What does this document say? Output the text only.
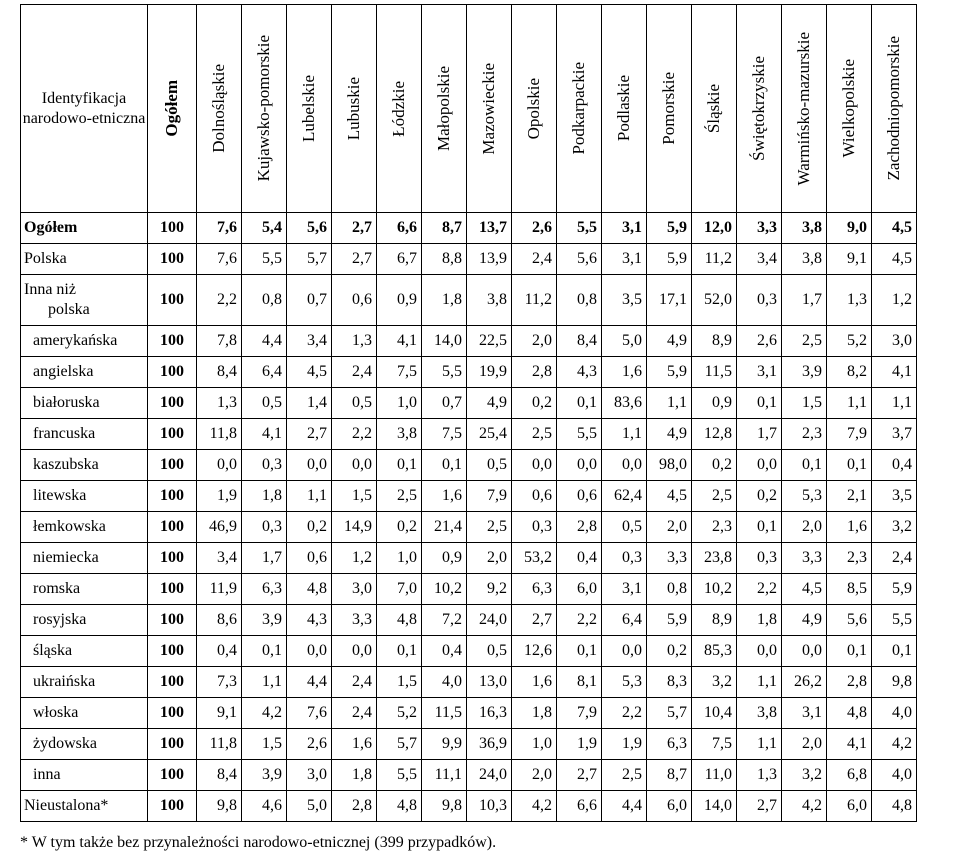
Identyfikacja narodowo-etniczna	Ogółem	Dolnośląskie	Kujawsko-pomorskie	Lubelskie	Lubuskie	Łódzkie	Małopolskie	Mazowieckie	Opolskie	Podkarpackie	Podlaskie	Pomorskie	Śląskie	Świętokrzyskie	Warmińsko-mazurskie	Wielkopolskie	Zachodniopomorskie

Ogółem	100	7,6	5,4	5,6	2,7	6,6	8,7	13,7	2,6	5,5	3,1	5,9	12,0	3,3	3,8	9,0	4,5
Polska	100	7,6	5,5	5,7	2,7	6,7	8,8	13,9	2,4	5,6	3,1	5,9	11,2	3,4	3,8	9,1	4,5

Inna niż
polska	100	2,2	0,8	0,7	0,6	0,9	1,8	3,8	11,2	0,8	3,5	17,1	52,0	0,3	1,7	1,3	1,2
amerykańska	100	7,8	4,4	3,4	1,3	4,1	14,0	22,5	2,0	8,4	5,0	4,9	8,9	2,6	2,5	5,2	3,0
angielska	100	8,4	6,4	4,5	2,4	7,5	5,5	19,9	2,8	4,3	1,6	5,9	11,5	3,1	3,9	8,2	4,1
białoruska	100	1,3	0,5	1,4	0,5	1,0	0,7	4,9	0,2	0,1	83,6	1,1	0,9	0,1	1,5	1,1	1,1
francuska	100	11,8	4,1	2,7	2,2	3,8	7,5	25,4	2,5	5,5	1,1	4,9	12,8	1,7	2,3	7,9	3,7
kaszubska	100	0,0	0,3	0,0	0,0	0,1	0,1	0,5	0,0	0,0	0,0	98,0	0,2	0,0	0,1	0,1	0,4
litewska	100	1,9	1,8	1,1	1,5	2,5	1,6	7,9	0,6	0,6	62,4	4,5	2,5	0,2	5,3	2,1	3,5
łemkowska	100	46,9	0,3	0,2	14,9	0,2	21,4	2,5	0,3	2,8	0,5	2,0	2,3	0,1	2,0	1,6	3,2
niemiecka	100	3,4	1,7	0,6	1,2	1,0	0,9	2,0	53,2	0,4	0,3	3,3	23,8	0,3	3,3	2,3	2,4
romska	100	11,9	6,3	4,8	3,0	7,0	10,2	9,2	6,3	6,0	3,1	0,8	10,2	2,2	4,5	8,5	5,9
rosyjska	100	8,6	3,9	4,3	3,3	4,8	7,2	24,0	2,7	2,2	6,4	5,9	8,9	1,8	4,9	5,6	5,5
śląska	100	0,4	0,1	0,0	0,0	0,1	0,4	0,5	12,6	0,1	0,0	0,2	85,3	0,0	0,0	0,1	0,1
ukraińska	100	7,3	1,1	4,4	2,4	1,5	4,0	13,0	1,6	8,1	5,3	8,3	3,2	1,1	26,2	2,8	9,8
włoska	100	9,1	4,2	7,6	2,4	5,2	11,5	16,3	1,8	7,9	2,2	5,7	10,4	3,8	3,1	4,8	4,0
żydowska	100	11,8	1,5	2,6	1,6	5,7	9,9	36,9	1,0	1,9	1,9	6,3	7,5	1,1	2,0	4,1	4,2
inna	100	8,4	3,9	3,0	1,8	5,5	11,1	24,0	2,0	2,7	2,5	8,7	11,0	1,3	3,2	6,8	4,0
Nieustalona*	100	9,8	4,6	5,0	2,8	4,8	9,8	10,3	4,2	6,6	4,4	6,0	14,0	2,7	4,2	6,0	4,8
* W tym także bez przynależności narodowo-etnicznej (399 przypadków).
